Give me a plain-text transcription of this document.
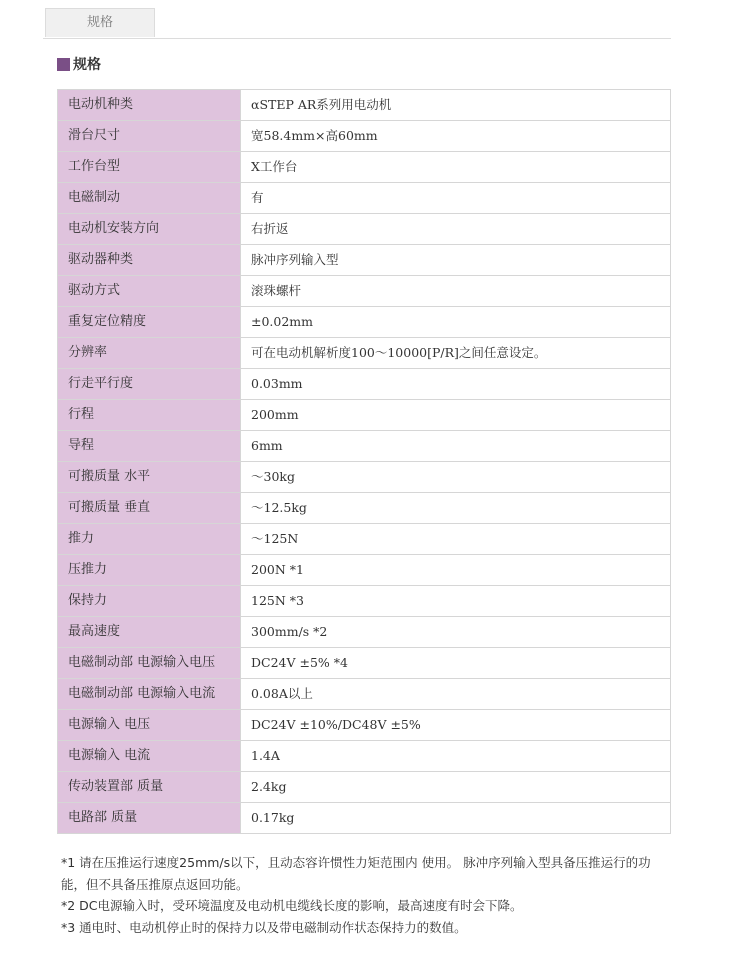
规格
规格
电动机种类	αSTEP AR系列用电动机
滑台尺寸	宽58.4mm×高60mm
工作台型	X工作台
电磁制动	有
电动机安装方向	右折返
驱动器种类	脉冲序列输入型
驱动方式	滚珠螺杆
重复定位精度	±0.02mm
分辨率	可在电动机解析度100～10000[P/R]之间任意设定。
行走平行度	0.03mm
行程	200mm
导程	6mm
可搬质量 水平	～30kg
可搬质量 垂直	～12.5kg
推力	～125N
压推力	200N *1
保持力	125N *3
最高速度	300mm/s *2
电磁制动部 电源输入电压	DC24V ±5% *4
电磁制动部 电源输入电流	0.08A以上
电源输入 电压	DC24V ±10%/DC48V ±5%
电源输入 电流	1.4A
传动装置部 质量	2.4kg
电路部 质量	0.17kg

*1 请在压推运行速度25mm/s以下，且动态容许惯性力矩范围内 使用。 脉冲序列输入型具备压推运行的功能，但不具备压推原点返回功能。

*2 DC电源输入时，受环境温度及电动机电缆线长度的影响，最高速度有时会下降。

*3 通电时、电动机停止时的保持力以及带电磁制动作状态保持力的数值。
